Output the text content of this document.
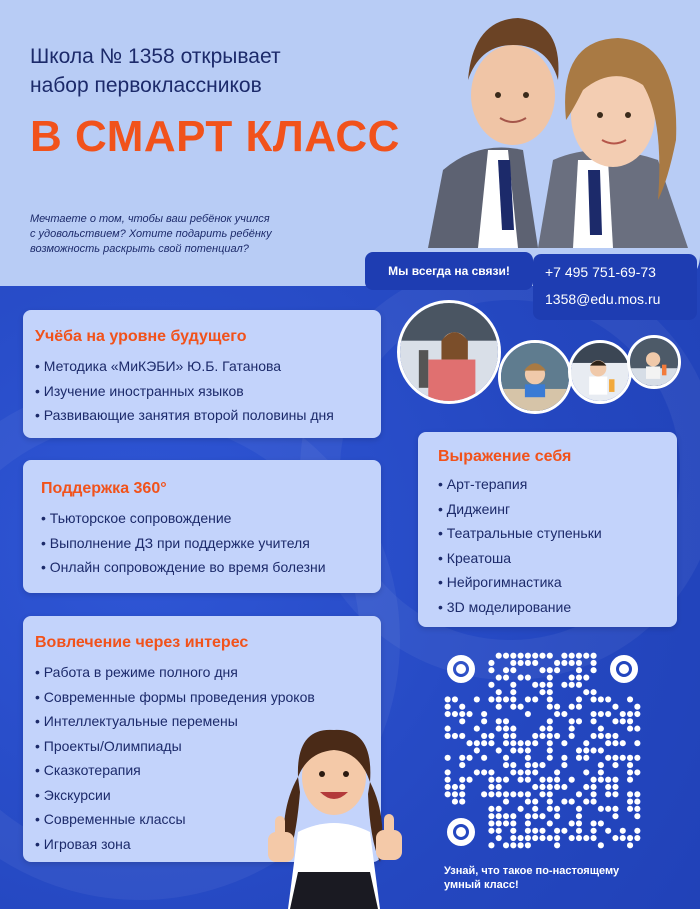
Школа № 1358 открывает
набор первоклассников
В СМАРТ КЛАСС
Мечтаете о том, чтобы ваш ребёнок учился
с удовольствием? Хотите подарить ребёнку
возможность раскрыть свой потенциал?
Мы всегда на связи!	+7 495 751-69-73
1358@edu.mos.ru
Учёба на уровне будущего
• Методика «МиКЭБИ» Ю.Б. Гатанова
• Изучение иностранных языков
• Развивающие занятия второй половины дня
Поддержка 360°
• Тьюторское сопровождение
• Выполнение ДЗ при поддержке учителя
• Онлайн сопровождение во время болезни
Вовлечение через интерес
• Работа в режиме полного дня
• Современные формы проведения уроков
• Интеллектуальные перемены
• Проекты/Олимпиады
• Сказкотерапия
• Экскурсии
• Современные классы
• Игровая зона
Выражение себя
• Арт-терапия
• Диджеинг
• Театральные ступеньки
• Креатоша
• Нейрогимнастика
• 3D моделирование
Узнай, что такое по-настоящему
умный класс!
